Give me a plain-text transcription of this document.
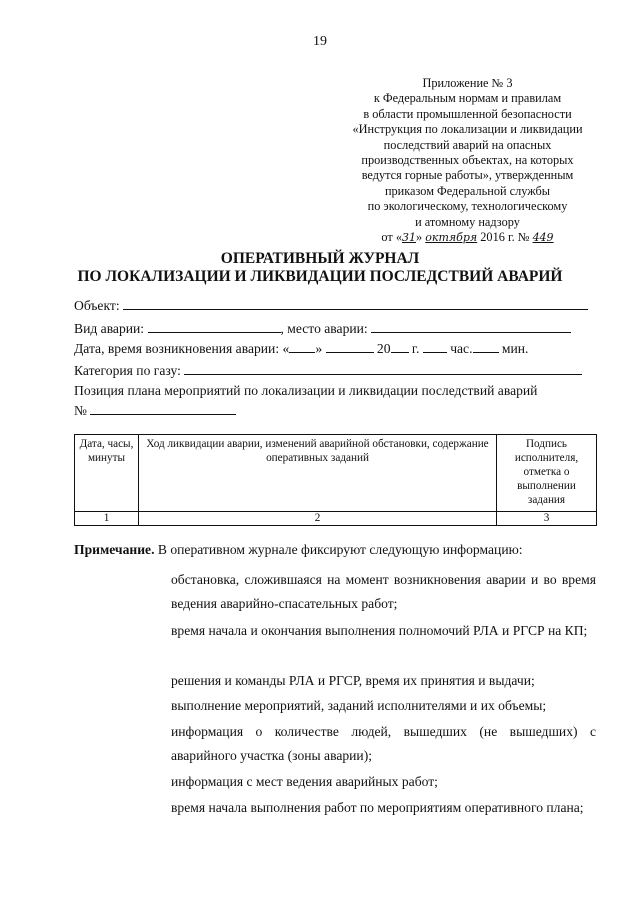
19
Приложение № 3
к Федеральным нормам и правилам
в области промышленной безопасности
«Инструкция по локализации и ликвидации
последствий аварий на опасных
производственных объектах, на которых
ведутся горные работы», утвержденным
приказом Федеральной службы
по экологическому, технологическому
и атомному надзору
от «31» октября 2016 г. № 449
ОПЕРАТИВНЫЙ ЖУРНАЛ
ПО ЛОКАЛИЗАЦИИ И ЛИКВИДАЦИИ ПОСЛЕДСТВИЙ АВАРИЙ
Объект:
Вид аварии:	, место аварии:
Дата, время возникновения аварии: « »	20 г. час. мин.
Категория по газу:
Позиция плана мероприятий по локализации и ликвидации последствий аварий
№
Дата, часы, минуты	Ход ликвидации аварии, изменений аварийной обстановки, содержание оперативных заданий	Подпись исполнителя, отметка о выполнении задания
1	2	3
Примечание. В оперативном журнале фиксируют следующую информацию:
обстановка, сложившаяся на момент возникновения аварии и во время ведения аварийно-спасательных работ;
время начала и окончания выполнения полномочий РЛА и РГСР на КП;
решения и команды РЛА и РГСР, время их принятия и выдачи;
выполнение мероприятий, заданий исполнителями и их объемы;
информация о количестве людей, вышедших (не вышедших) с аварийного участка (зоны аварии);
информация с мест ведения аварийных работ;
время начала выполнения работ по мероприятиям оперативного плана;
